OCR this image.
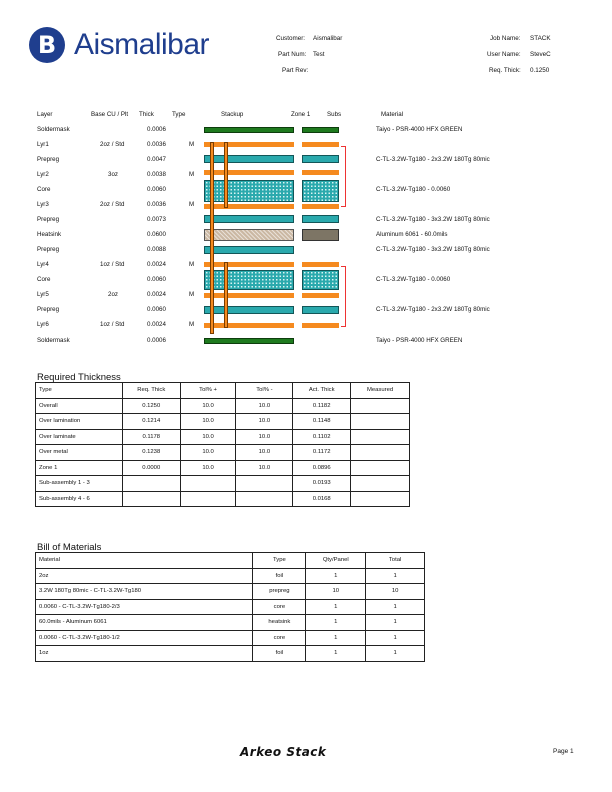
B Aismalibar	Customer: Aismalibar
Part Num: Test
Part Rev:
Job Name: STACK
User Name: SteveC
Req. Thick: 0.1250
Layer	Base CU / Plt Thick	Type	Stackup	Zone 1	Subs	Material
Soldermask	0.0006	Taiyo - PSR-4000 HFX GREEN
Lyr1	2oz / Std	0.0036	M
Prepreg	0.0047	C-TL-3.2W-Tg180 - 2x3.2W 180Tg 80mic
Lyr2	3oz	0.0038	M
Core	0.0060	C-TL-3.2W-Tg180 - 0.0060
Lyr3	2oz / Std	0.0036	M
Prepreg	0.0073	C-TL-3.2W-Tg180 - 3x3.2W 180Tg 80mic
Heatsink	0.0600	Aluminum 6061 - 60.0mils
Prepreg	0.0088	C-TL-3.2W-Tg180 - 3x3.2W 180Tg 80mic
Lyr4	1oz / Std	0.0024	M
Core	0.0060	C-TL-3.2W-Tg180 - 0.0060
Lyr5	2oz	0.0024	M
Prepreg	0.0060	C-TL-3.2W-Tg180 - 2x3.2W 180Tg 80mic
Lyr6	1oz / Std	0.0024	M
Soldermask	0.0006	Taiyo - PSR-4000 HFX GREEN
Required Thickness
Type	Req. Thick	Tol% +	Tol% -	Act. Thick	Measured
Overall	0.1250	10.0	10.0	0.1182	
Over lamination	0.1214	10.0	10.0	0.1148	
Over laminate	0.1178	10.0	10.0	0.1102	
Over metal	0.1238	10.0	10.0	0.1172	
Zone 1	0.0000	10.0	10.0	0.0896	
Sub-assembly 1 - 3				0.0193	
Sub-assembly 4 - 6				0.0168	
Bill of Materials
Material	Type	Qty/Panel	Total
2oz	foil	1	1
3.2W 180Tg 80mic - C-TL-3.2W-Tg180	prepreg	10	10
0.0060 - C-TL-3.2W-Tg180-2/3	core	1	1
60.0mils - Aluminum 6061	heatsink	1	1
0.0060 - C-TL-3.2W-Tg180-1/2	core	1	1
1oz	foil	1	1
Arkeo Stack	Page 1
